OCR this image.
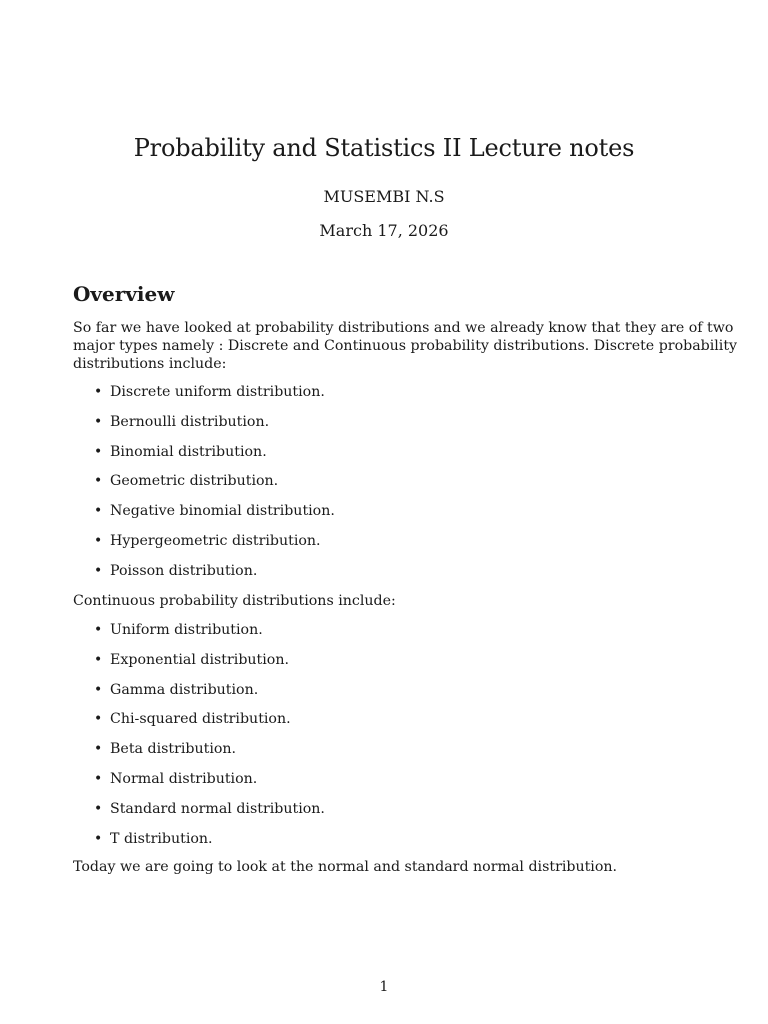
Probability and Statistics II Lecture notes
MUSEMBI N.S
March 17, 2026
Overview
So far we have looked at probability distributions and we already know that they are of two
major types namely : Discrete and Continuous probability distributions. Discrete probability
distributions include:
• Discrete uniform distribution.
• Bernoulli distribution.
• Binomial distribution.
• Geometric distribution.
• Negative binomial distribution.
• Hypergeometric distribution.
• Poisson distribution.
Continuous probability distributions include:
• Uniform distribution.
• Exponential distribution.
• Gamma distribution.
• Chi-squared distribution.
• Beta distribution.
• Normal distribution.
• Standard normal distribution.
• T distribution.
Today we are going to look at the normal and standard normal distribution.
1
